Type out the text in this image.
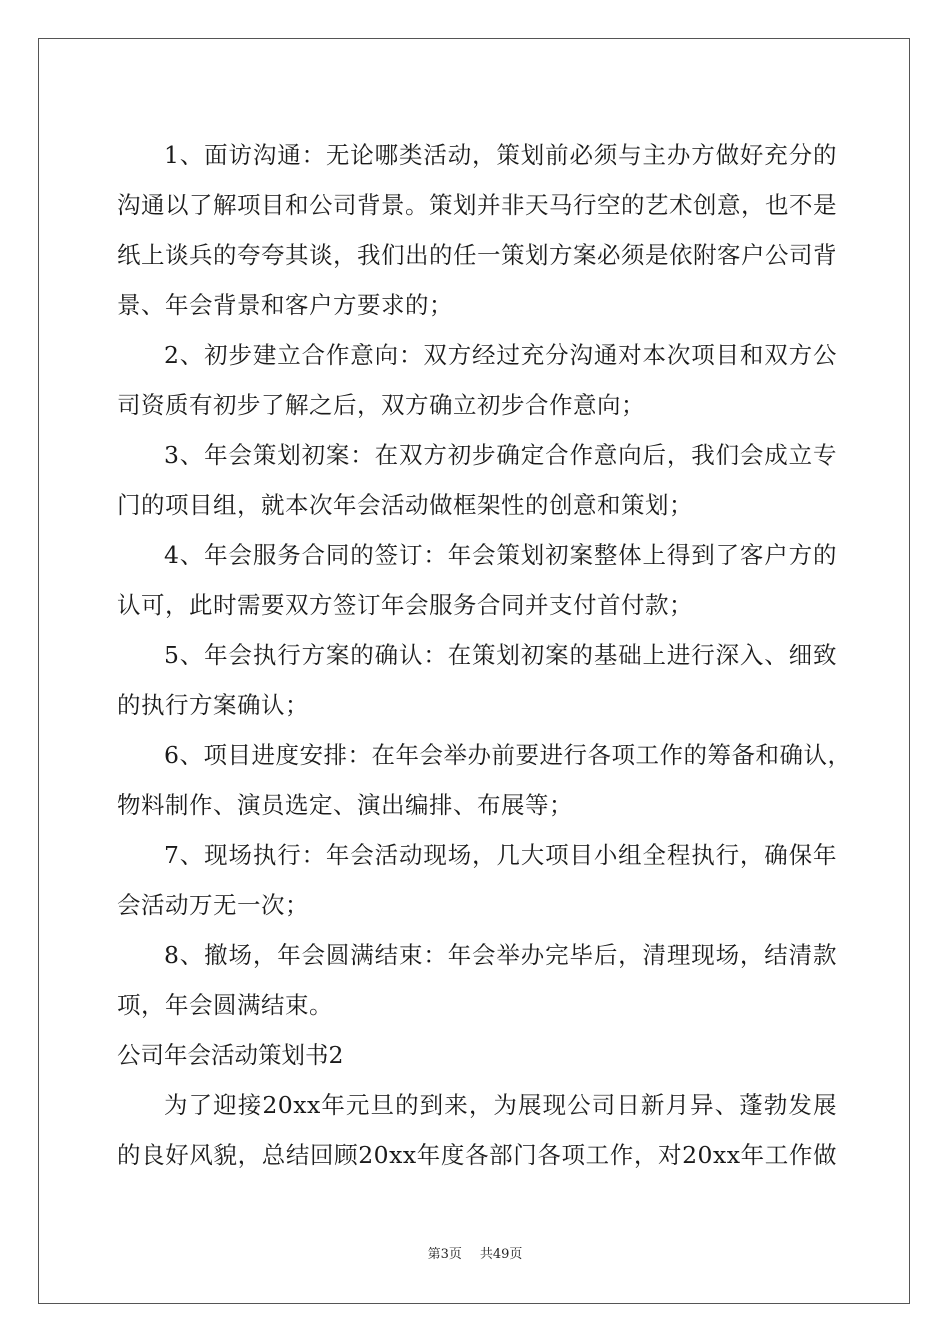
1、面访沟通：无论哪类活动，策划前必须与主办方做好充分的
沟通以了解项目和公司背景。策划并非天马行空的艺术创意，也不是
纸上谈兵的夸夸其谈，我们出的任一策划方案必须是依附客户公司背
景、年会背景和客户方要求的；
2、初步建立合作意向：双方经过充分沟通对本次项目和双方公
司资质有初步了解之后，双方确立初步合作意向；
3、年会策划初案：在双方初步确定合作意向后，我们会成立专
门的项目组，就本次年会活动做框架性的创意和策划；
4、年会服务合同的签订：年会策划初案整体上得到了客户方的
认可，此时需要双方签订年会服务合同并支付首付款；
5、年会执行方案的确认：在策划初案的基础上进行深入、细致
的执行方案确认；
6、项目进度安排：在年会举办前要进行各项工作的筹备和确认，
物料制作、演员选定、演出编排、布展等；
7、现场执行：年会活动现场，几大项目小组全程执行，确保年
会活动万无一次；
8、撤场，年会圆满结束：年会举办完毕后，清理现场，结清款
项，年会圆满结束。
公司年会活动策划书2
为了迎接20xx年元旦的到来，为展现公司日新月异、蓬勃发展
的良好风貌，总结回顾20xx年度各部门各项工作，对20xx年工作做
第3页 共49页
